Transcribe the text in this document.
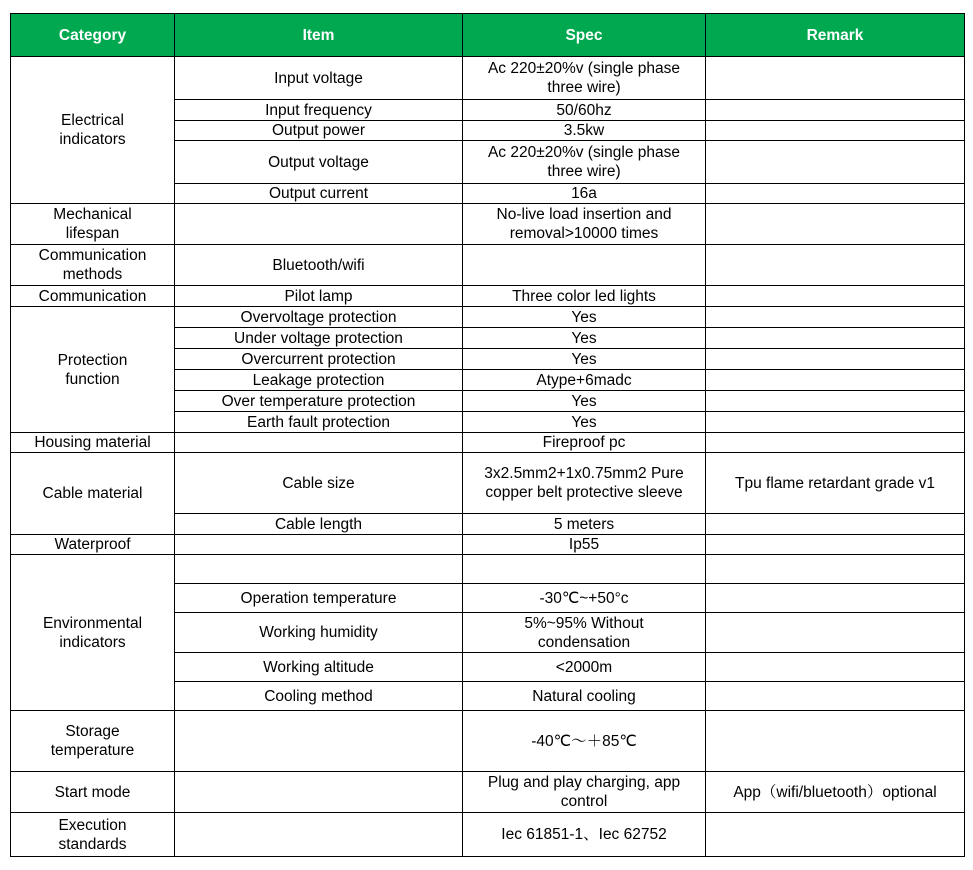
Category	Item	Spec	Remark
Electrical indicators	Input voltage	Ac 220±20%v (single phase three wire)	
	Input frequency	50/60hz	
	Output power	3.5kw	
	Output voltage	Ac 220±20%v (single phase three wire)	
	Output current	16a	
Mechanical lifespan		No-live load insertion and removal>10000 times	
Communication methods	Bluetooth/wifi		
Communication	Pilot lamp	Three color led lights	
Protection function	Overvoltage protection	Yes	
	Under voltage protection	Yes	
	Overcurrent protection	Yes	
	Leakage protection	Atype+6madc	
	Over temperature protection	Yes	
	Earth fault protection	Yes	
Housing material		Fireproof pc	
Cable material	Cable size	3x2.5mm2+1x0.75mm2 Pure copper belt protective sleeve	Tpu flame retardant grade v1
	Cable length	5 meters	
Waterproof		Ip55	
Environmental indicators			
	Operation temperature	-30℃~+50°c	
	Working humidity	5%~95% Without condensation	
	Working altitude	<2000m	
	Cooling method	Natural cooling	
Storage temperature		-40℃～＋85℃	
Start mode		Plug and play charging, app control	App（wifi/bluetooth）optional
Execution standards		Iec 61851-1、Iec 62752	
